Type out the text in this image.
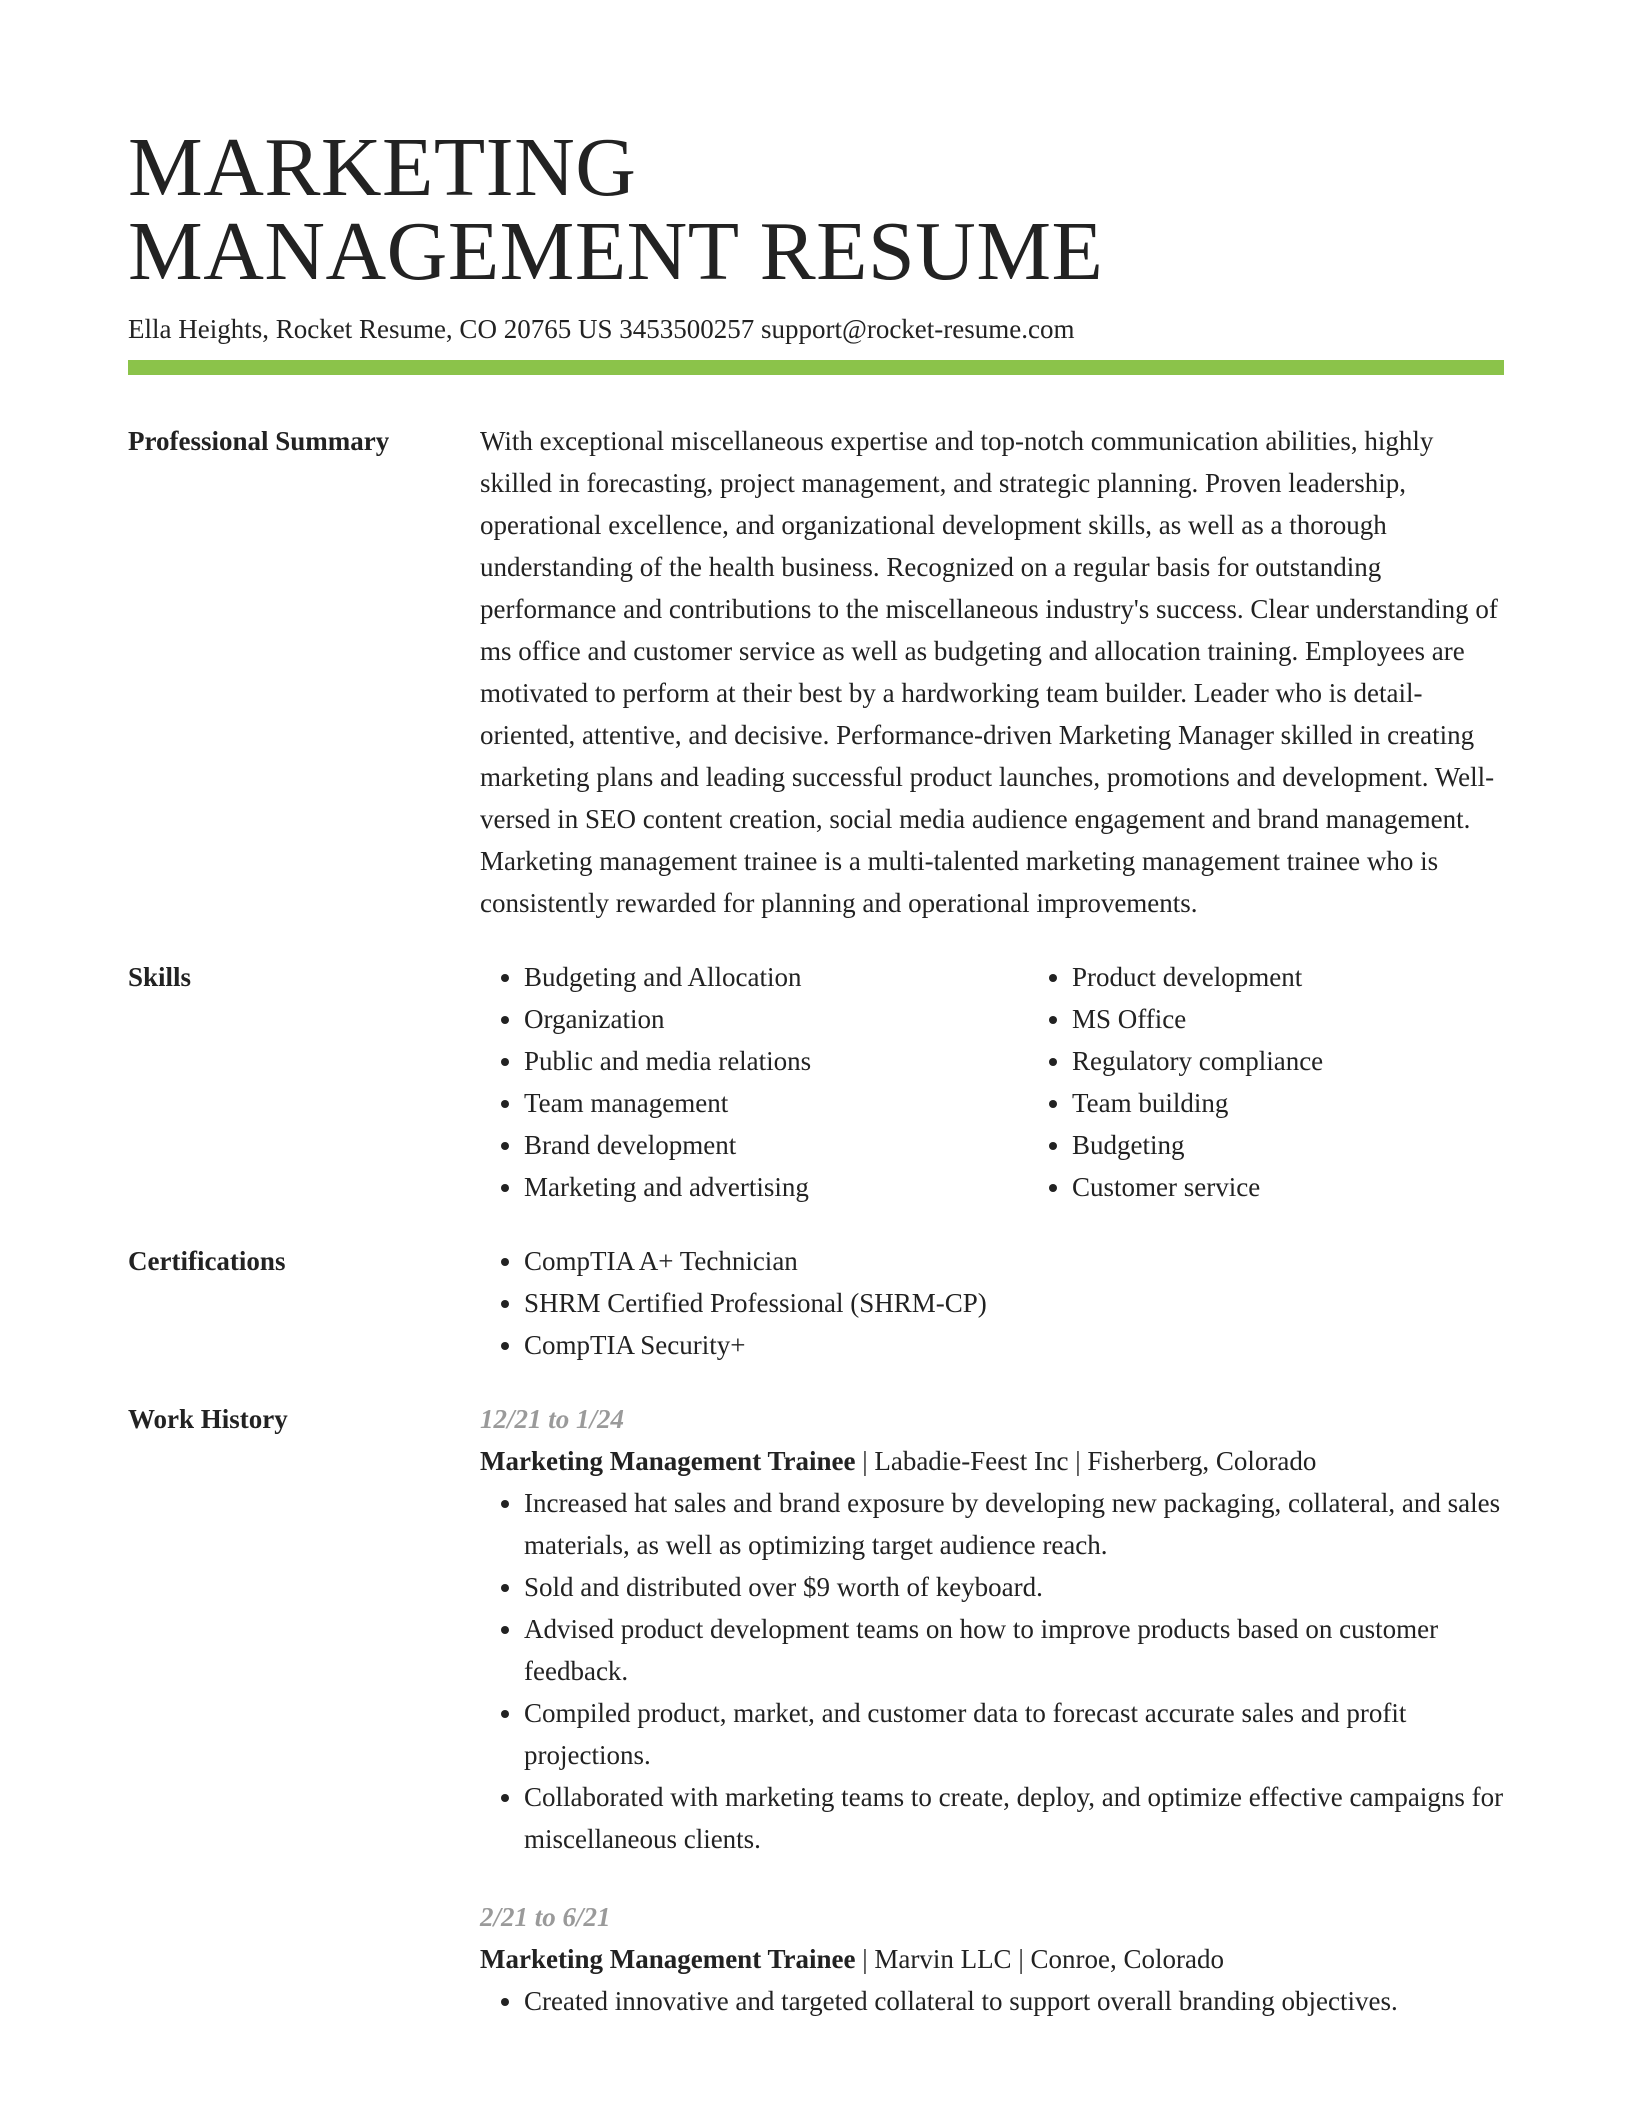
MARKETING
MANAGEMENT RESUME
Ella Heights, Rocket Resume, CO 20765 US 3453500257 support@rocket-resume.com
Professional Summary	With exceptional miscellaneous expertise and top-notch communication abilities, highly skilled in forecasting, project management, and strategic planning. Proven leadership, operational excellence, and organizational development skills, as well as a thorough understanding of the health business. Recognized on a regular basis for outstanding performance and contributions to the miscellaneous industry's success. Clear understanding of ms office and customer service as well as budgeting and allocation training. Employees are motivated to perform at their best by a hardworking team builder. Leader who is detail-oriented, attentive, and decisive. Performance-driven Marketing Manager skilled in creating marketing plans and leading successful product launches, promotions and development. Well-versed in SEO content creation, social media audience engagement and brand management. Marketing management trainee is a multi-talented marketing management trainee who is consistently rewarded for planning and operational improvements.
Skills	• Budgeting and Allocation
• Organization
• Public and media relations
• Team management
• Brand development
• Marketing and advertising
• Product development
• MS Office
• Regulatory compliance
• Team building
• Budgeting
• Customer service
Certifications	• CompTIA A+ Technician
• SHRM Certified Professional (SHRM-CP)
• CompTIA Security+
Work History	12/21 to 1/24
Marketing Management Trainee | Labadie-Feest Inc | Fisherberg, Colorado
• Increased hat sales and brand exposure by developing new packaging, collateral, and sales materials, as well as optimizing target audience reach.
• Sold and distributed over $9 worth of keyboard.
• Advised product development teams on how to improve products based on customer feedback.
• Compiled product, market, and customer data to forecast accurate sales and profit projections.
• Collaborated with marketing teams to create, deploy, and optimize effective campaigns for miscellaneous clients.
2/21 to 6/21
Marketing Management Trainee | Marvin LLC | Conroe, Colorado
• Created innovative and targeted collateral to support overall branding objectives.
